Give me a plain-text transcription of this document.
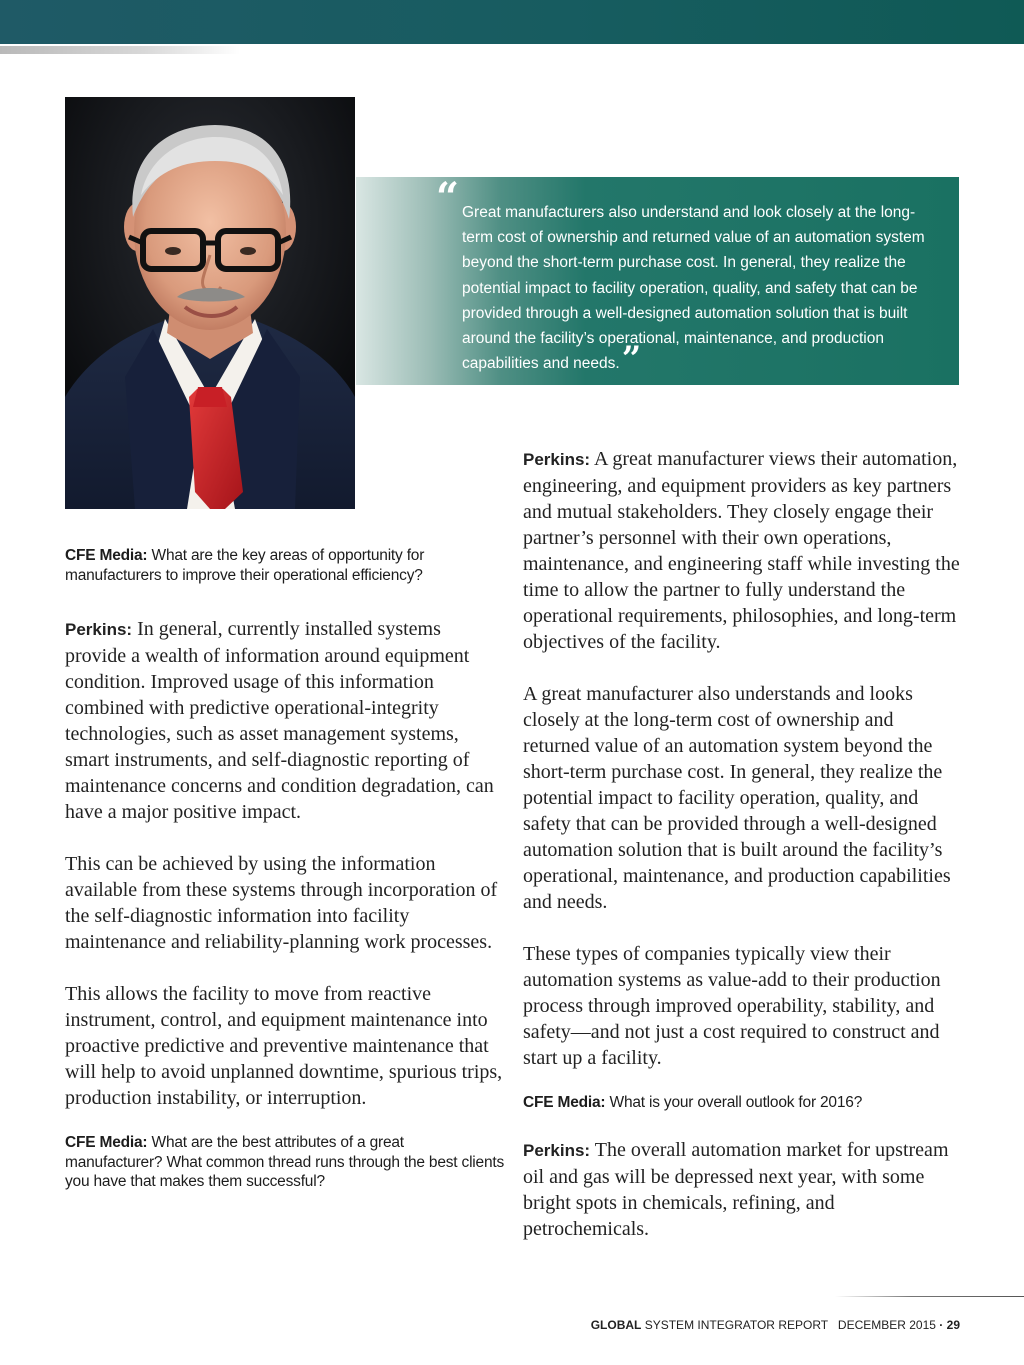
“ Great manufacturers also understand and look closely at the long-term cost of ownership and returned value of an automation system beyond the short-term purchase cost. In general, they realize the potential impact to facility operation, quality, and safety that can be provided through a well-designed automation solution that is built around the facility’s operational, maintenance, and production capabilities and needs.”

CFE Media: What are the key areas of opportunity for manufacturers to improve their operational efficiency?

Perkins: In general, currently installed systems provide a wealth of information around equipment condition. Improved usage of this information combined with predictive operational-integrity technologies, such as asset management systems, smart instruments, and self-diagnostic reporting of maintenance concerns and condition degradation, can have a major positive impact.

This can be achieved by using the information available from these systems through incorporation of the self-diagnostic information into facility maintenance and reliability-planning work processes.

This allows the facility to move from reactive instrument, control, and equipment maintenance into proactive predictive and preventive maintenance that will help to avoid unplanned downtime, spurious trips, production instability, or interruption.

CFE Media: What are the best attributes of a great manufacturer? What common thread runs through the best clients you have that makes them successful?

Perkins: A great manufacturer views their automation, engineering, and equipment providers as key partners and mutual stakeholders. They closely engage their partner’s personnel with their own operations, maintenance, and engineering staff while investing the time to allow the partner to fully understand the operational requirements, philosophies, and long-term objectives of the facility.

A great manufacturer also understands and looks closely at the long-term cost of ownership and returned value of an automation system beyond the short-term purchase cost. In general, they realize the potential impact to facility operation, quality, and safety that can be provided through a well-designed automation solution that is built around the facility’s operational, maintenance, and production capabilities and needs.

These types of companies typically view their automation systems as value-add to their production process through improved operability, stability, and safety—and not just a cost required to construct and start up a facility.

CFE Media: What is your overall outlook for 2016?

Perkins: The overall automation market for upstream oil and gas will be depressed next year, with some bright spots in chemicals, refining, and petrochemicals.

GLOBAL SYSTEM INTEGRATOR REPORT DECEMBER 2015 · 29
